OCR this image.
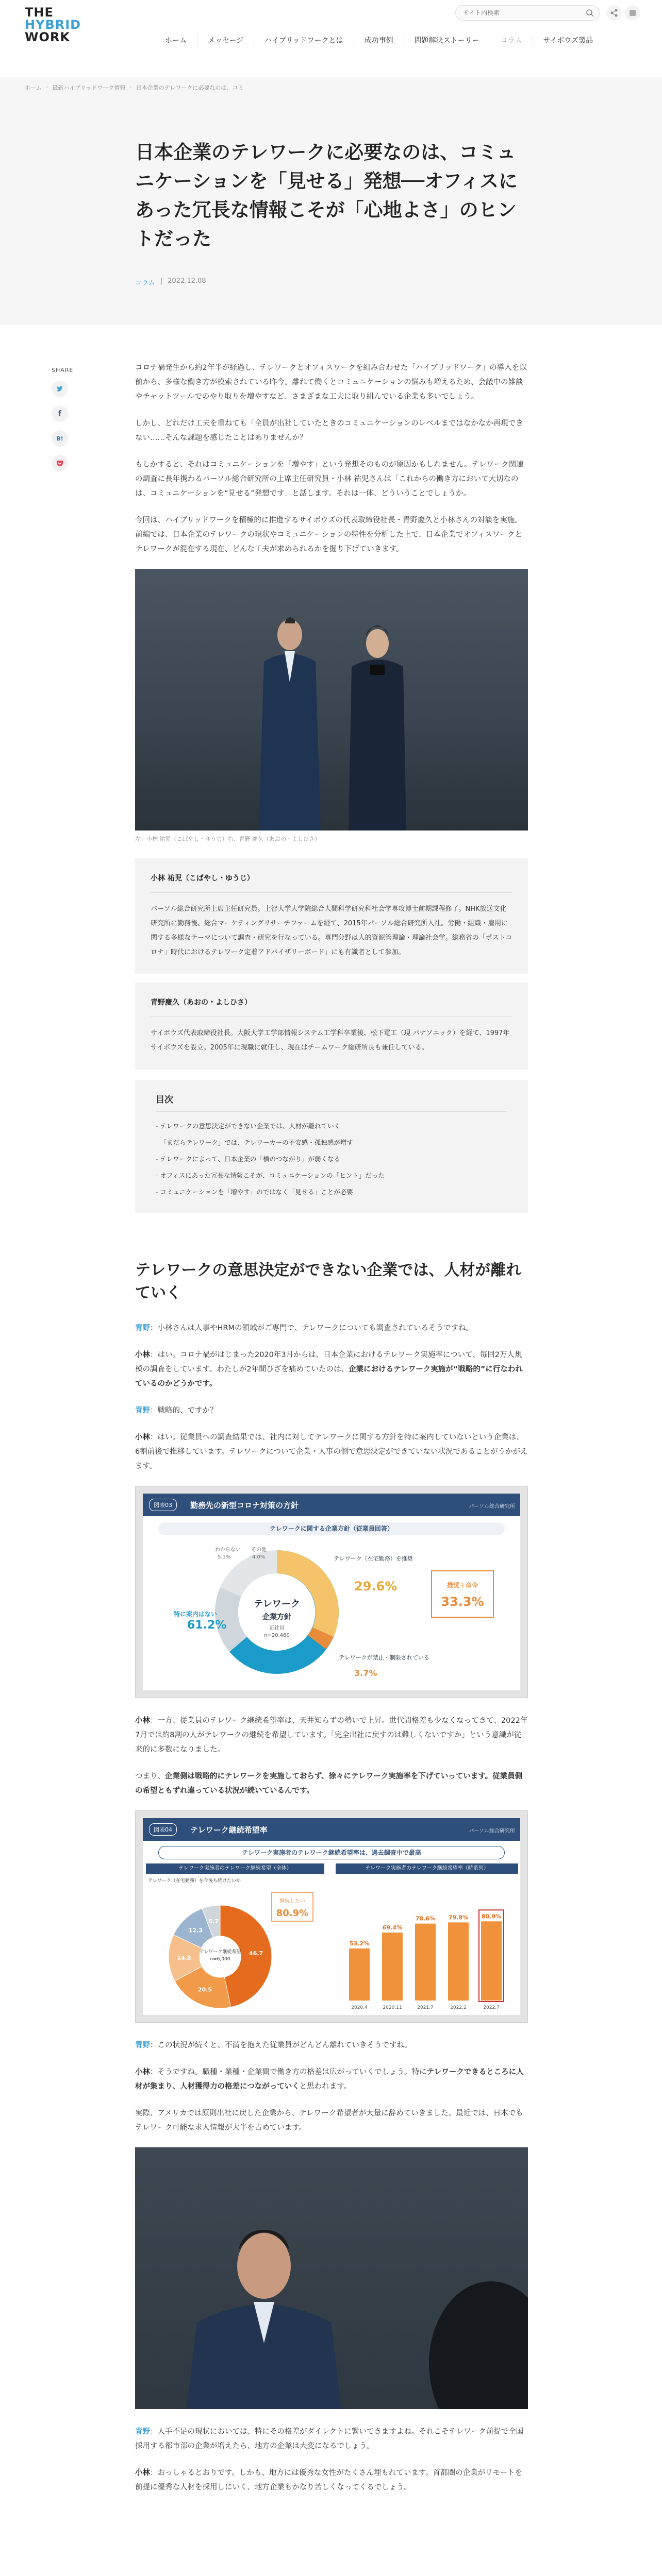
THE
HYBRID
WORK
サイト内検索	ホーム	メッセージ	ハイブリッドワークとは	成功事例	問題解決ストーリー	コラム	サイボウズ製品
ホーム › 最新ハイブリッドワーク情報 › 日本企業のテレワークに必要なのは、コミ
日本企業のテレワークに必要なのは、コミュニケーションを「見せる」発想──オフィスにあった冗長な情報こそが「心地よさ」のヒントだった
コラム | 2022.12.08
SHARE
f
B!

コロナ禍発生から約2年半が経過し、テレワークとオフィスワークを組み合わせた「ハイブリッドワーク」の導入を以前から、多様な働き方が模索されている昨今。離れて働くとコミュニケーションの悩みも増えるため、会議中の雑談やチャットツールでのやり取りを増やすなど、さまざまな工夫に取り組んでいる企業も多いでしょう。

しかし、どれだけ工夫を重ねても「全員が出社していたときのコミュニケーションのレベルまではなかなか再現できない……そんな課題を感じたことはありませんか？

もしかすると、それはコミュニケーションを「増やす」という発想そのものが原因かもしれません。テレワーク関連の調査に長年携わるパーソル総合研究所の上席主任研究員・小林 祐児さんは「これからの働き方において大切なのは、コミュニケーションを“見せる”発想です」と話します。それは一体、どういうことでしょうか。

今回は、ハイブリッドワークを積極的に推進するサイボウズの代表取締役社長・青野慶久と小林さんの対談を実施。前編では、日本企業のテレワークの現状やコミュニケーションの特性を分析した上で、日本企業でオフィスワークとテレワークが混在する現在、どんな工夫が求められるかを掘り下げていきます。

左：小林 祐児（こばやし・ゆうじ）右：青野 慶久（あおの・よしひさ）
小林 祐児（こばやし・ゆうじ）

パーソル総合研究所上席主任研究員。上智大学大学院総合人間科学研究科社会学専攻博士前期課程修了。NHK放送文化研究所に勤務後、総合マーケティングリサーチファームを経て、2015年パーソル総合研究所入社。労働・組織・雇用に関する多様なテーマについて調査・研究を行なっている。専門分野は人的資源管理論・理論社会学。総務省の「ポストコロナ」時代におけるテレワーク定着アドバイザリーボード」にも有識者として参加。

青野慶久（あおの・よしひさ）

サイボウズ代表取締役社長。大阪大学工学部情報システム工学科卒業後、松下電工（現 パナソニック）を経て、1997年サイボウズを設立。2005年に現職に就任し、現在はチームワーク総研所長も兼任している。

目次
- テレワークの意思決定ができない企業では、人材が離れていく
- 「まだらテレワーク」では、テレワーカーの不安感・孤独感が増す
- テレワークによって、日本企業の「横のつながり」が弱くなる
- オフィスにあった冗長な情報こそが、コミュニケーションの「ヒント」だった
- コミュニケーションを「増やす」のではなく「見せる」ことが必要
テレワークの意思決定ができない企業では、人材が離れていく

青野：小林さんは人事やHRMの領域がご専門で、テレワークについても調査されているそうですね。

小林：はい。コロナ禍がはじまった2020年3月からは、日本企業におけるテレワーク実施率について、毎回2万人規模の調査をしています。わたしが2年間ひざを痛めていたのは、企業におけるテレワーク実施が“戦略的”に行なわれているのかどうかです。

青野：戦略的、ですか？

小林：はい。従業員への調査結果では、社内に対してテレワークに関する方針を特に案内していないという企業は、6割前後で推移しています。テレワークについて企業・人事の側で意思決定ができていない状況であることがうかがえます。

図表03	勤務先の新型コロナ対策の方針	パーソル総合研究所
テレワークに関する企業方針（従業員回答）
テレワーク
企業方針
正社員
n=20,460
わからない
5.1%
その他
4.0%
特に案内はない
61.2%
テレワーク（在宅勤務）を推奨
29.6%
テレワークが禁止・制限されている
3.7%
推奨＋命令
33.3%

小林：一方、従業員のテレワーク継続希望率は、天井知らずの勢いで上昇。世代間格差も少なくなってきて、2022年7月では約8割の人がテレワークの継続を希望しています。「完全出社に戻すのは難しくないですか」という意識が従来的に多数になりました。

つまり、企業側は戦略的にテレワークを実施しておらず、徐々にテレワーク実施率を下げていっています。従業員側の希望ともずれ違っている状況が続いているんです。

図表04	テレワーク継続希望率	パーソル総合研究所
テレワーク実施者のテレワーク継続希望率は、過去調査中で最高
テレワーク実施者のテレワーク継続希望（全体）	テレワーク実施者のテレワーク継続希望率（時系列）
テレワーク（在宅勤務）を今後も続けたいか
46.7
20.5
14.8
12.3
5.7
テレワーク継続希望
n=6,000
継続したい
80.9%
53.2%
2020.4
69.4%
2020.11
78.6%
2021.7
79.8%
2022.2
80.9%
2022.7

青野：この状況が続くと、不満を抱えた従業員がどんどん離れていきそうですね。

小林：そうですね。職種・業種・企業間で働き方の格差は広がっていくでしょう。特にテレワークできるところに人材が集まり、人材獲得力の格差につながっていくと思われます。

実際、アメリカでは原則出社に戻した企業から、テレワーク希望者が大量に辞めていきました。最近では、日本でもテレワーク可能な求人情報が大半を占めています。

青野：人手不足の現状においては、特にその格差がダイレクトに響いてきますよね。それこそテレワーク前提で全国採用する都市部の企業が増えたら、地方の企業は大変になるでしょう。

小林：おっしゃるとおりです。しかも、地方には優秀な女性がたくさん埋もれています。首都圏の企業がリモートを前提に優秀な人材を採用しにいく、地方企業もかなり苦しくなってくるでしょう。
